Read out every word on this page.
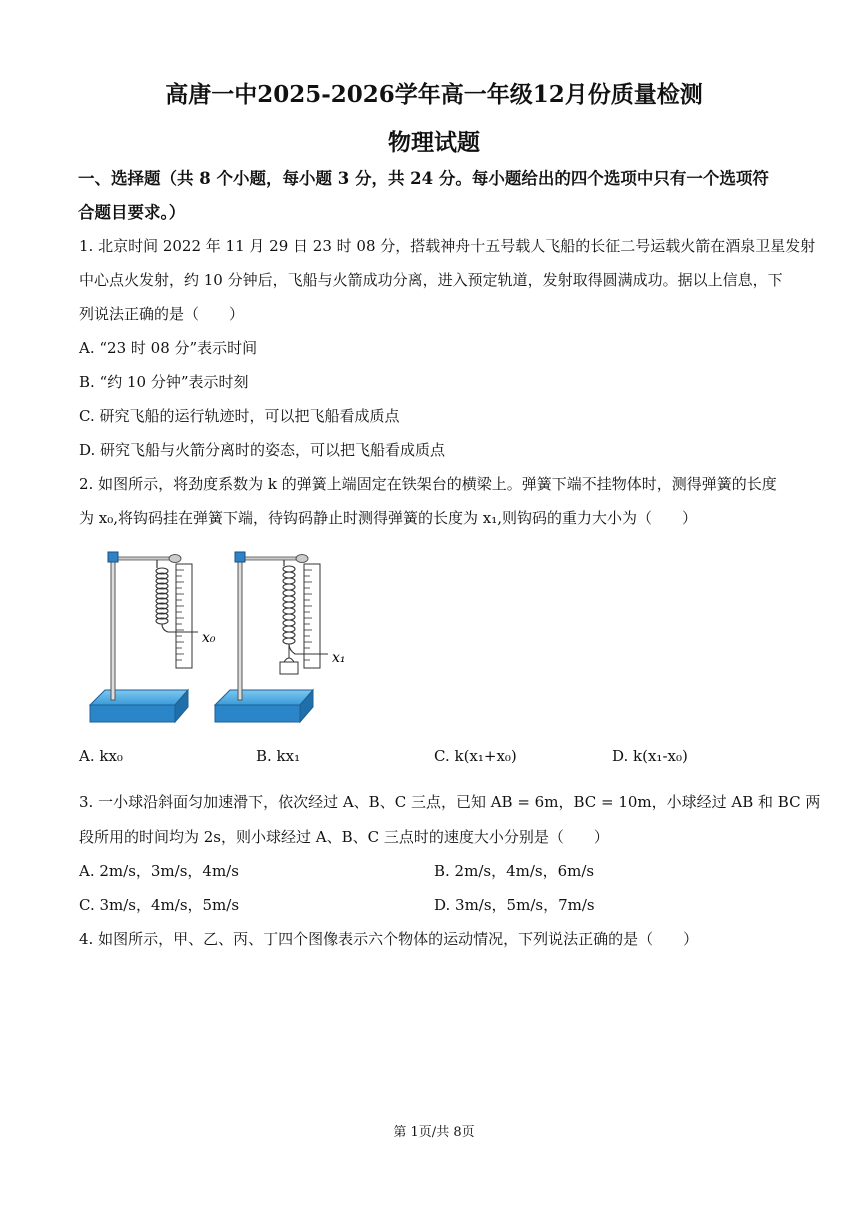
高唐一中2025-2026学年高一年级12月份质量检测
物理试题
一、选择题（共 8 个小题，每小题 3 分，共 24 分。每小题给出的四个选项中只有一个选项符
合题目要求。）
1. 北京时间 2022 年 11 月 29 日 23 时 08 分，搭载神舟十五号载人飞船的长征二号运载火箭在酒泉卫星发射
中心点火发射，约 10 分钟后，飞船与火箭成功分离，进入预定轨道，发射取得圆满成功。据以上信息，下
列说法正确的是（　　）
A. “23 时 08 分”表示时间
B. “约 10 分钟”表示时刻
C. 研究飞船的运行轨迹时，可以把飞船看成质点
D. 研究飞船与火箭分离时的姿态，可以把飞船看成质点
2. 如图所示，将劲度系数为 k 的弹簧上端固定在铁架台的横梁上。弹簧下端不挂物体时，测得弹簧的长度
为 x₀,将钩码挂在弹簧下端，待钩码静止时测得弹簧的长度为 x₁,则钩码的重力大小为（　　）
x₀
x₁
A. kx₀	B. kx₁	C. k(x₁+x₀)	D. k(x₁-x₀)
3. 一小球沿斜面匀加速滑下，依次经过 A、B、C 三点，已知 AB = 6m，BC = 10m，小球经过 AB 和 BC 两
段所用的时间均为 2s，则小球经过 A、B、C 三点时的速度大小分别是（　　）
A. 2m/s，3m/s，4m/s	B. 2m/s，4m/s，6m/s
C. 3m/s，4m/s，5m/s	D. 3m/s，5m/s，7m/s
4. 如图所示，甲、乙、丙、丁四个图像表示六个物体的运动情况，下列说法正确的是（　　）
第 1页/共 8页
